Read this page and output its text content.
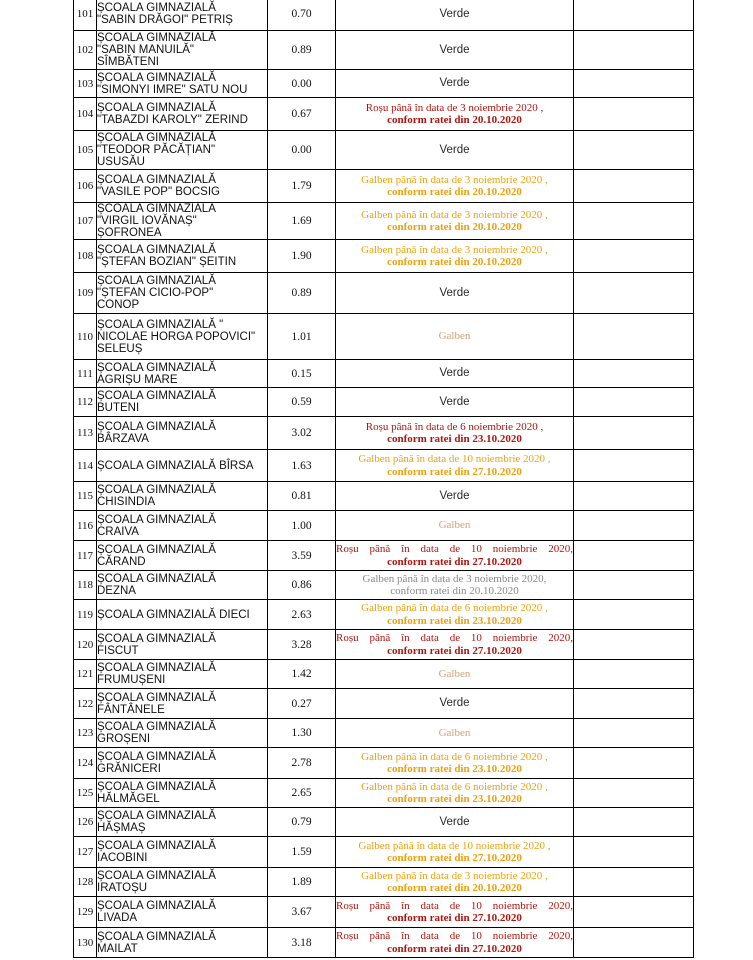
101	ȘCOALA GIMNAZIALĂ
"SABIN DRĂGOI" PETRIȘ	0.70	Verde	

102	ȘCOALA GIMNAZIALĂ
"SABIN MANUILĂ"
SÎMBĂTENI	0.89	Verde	

103	ȘCOALA GIMNAZIALĂ
"SIMONYI IMRE" SATU NOU	0.00	Verde	

104	ȘCOALA GIMNAZIALĂ
"TABAZDI KAROLY" ZERIND	0.67	Roșu până în data de 3 noiembrie 2020 ,
conform ratei din 20.10.2020	

105	ȘCOALA GIMNAZIALĂ
"TEODOR PĂCĂȚIAN"
USUSĂU	0.00	Verde	

106	ȘCOALA GIMNAZIALĂ
"VASILE POP" BOCSIG	1.79	Galben până în data de 3 noiembrie 2020 ,
conform ratei din 20.10.2020	

107	ȘCOALA GIMNAZIALĂ
"VIRGIL IOVĂNAȘ"
ȘOFRONEA	1.69	Galben până în data de 3 noiembrie 2020 ,
conform ratei din 20.10.2020	

108	ȘCOALA GIMNAZIALĂ
"ȘTEFAN BOZIAN" ȘEITIN	1.90	Galben până în data de 3 noiembrie 2020 ,
conform ratei din 20.10.2020	

109	ȘCOALA GIMNAZIALĂ
"ȘTEFAN CICIO-POP"
CONOP	0.89	Verde	

110	ȘCOALA GIMNAZIALĂ "
NICOLAE HORGA POPOVICI"
SELEUȘ	1.01	Galben	

111	ȘCOALA GIMNAZIALĂ
AGRIȘU MARE	0.15	Verde	

112	ȘCOALA GIMNAZIALĂ
BUTENI	0.59	Verde	

113	ȘCOALA GIMNAZIALĂ
BÂRZAVA	3.02	Roșu până în data de 6 noiembrie 2020 ,
conform ratei din 23.10.2020	

114	ȘCOALA GIMNAZIALĂ BÎRSA	1.63	Galben până în data de 10 noiembrie 2020 ,
conform ratei din 27.10.2020	

115	ȘCOALA GIMNAZIALĂ
CHISINDIA	0.81	Verde	

116	ȘCOALA GIMNAZIALĂ
CRAIVA	1.00	Galben	

117	ȘCOALA GIMNAZIALĂ
CĂRAND	3.59	Roșu până în data de 10 noiembrie 2020,
conform ratei din 27.10.2020	

118	ȘCOALA GIMNAZIALĂ
DEZNA	0.86	Galben până în data de 3 noiembrie 2020,
conform ratei din 20.10.2020	

119	ȘCOALA GIMNAZIALĂ DIECI	2.63	Galben până în data de 6 noiembrie 2020 ,
conform ratei din 23.10.2020	

120	ȘCOALA GIMNAZIALĂ
FISCUT	3.28	Roșu până în data de 10 noiembrie 2020,
conform ratei din 27.10.2020	

121	ȘCOALA GIMNAZIALĂ
FRUMUȘENI	1.42	Galben	

122	ȘCOALA GIMNAZIALĂ
FÂNTÂNELE	0.27	Verde	

123	ȘCOALA GIMNAZIALĂ
GROȘENI	1.30	Galben	

124	ȘCOALA GIMNAZIALĂ
GRĂNICERI	2.78	Galben până în data de 6 noiembrie 2020 ,
conform ratei din 23.10.2020	

125	ȘCOALA GIMNAZIALĂ
HĂLMĂGEL	2.65	Galben până în data de 6 noiembrie 2020 ,
conform ratei din 23.10.2020	

126	ȘCOALA GIMNAZIALĂ
HĂȘMAȘ	0.79	Verde	

127	ȘCOALA GIMNAZIALĂ
IACOBINI	1.59	Galben până în data de 10 noiembrie 2020 ,
conform ratei din 27.10.2020	

128	ȘCOALA GIMNAZIALĂ
IRATOȘU	1.89	Galben până în data de 3 noiembrie 2020 ,
conform ratei din 20.10.2020	

129	ȘCOALA GIMNAZIALĂ
LIVADA	3.67	Roșu până în data de 10 noiembrie 2020,
conform ratei din 27.10.2020	

130	ȘCOALA GIMNAZIALĂ
MAILAT	3.18	Roșu până în data de 10 noiembrie 2020,
conform ratei din 27.10.2020	
